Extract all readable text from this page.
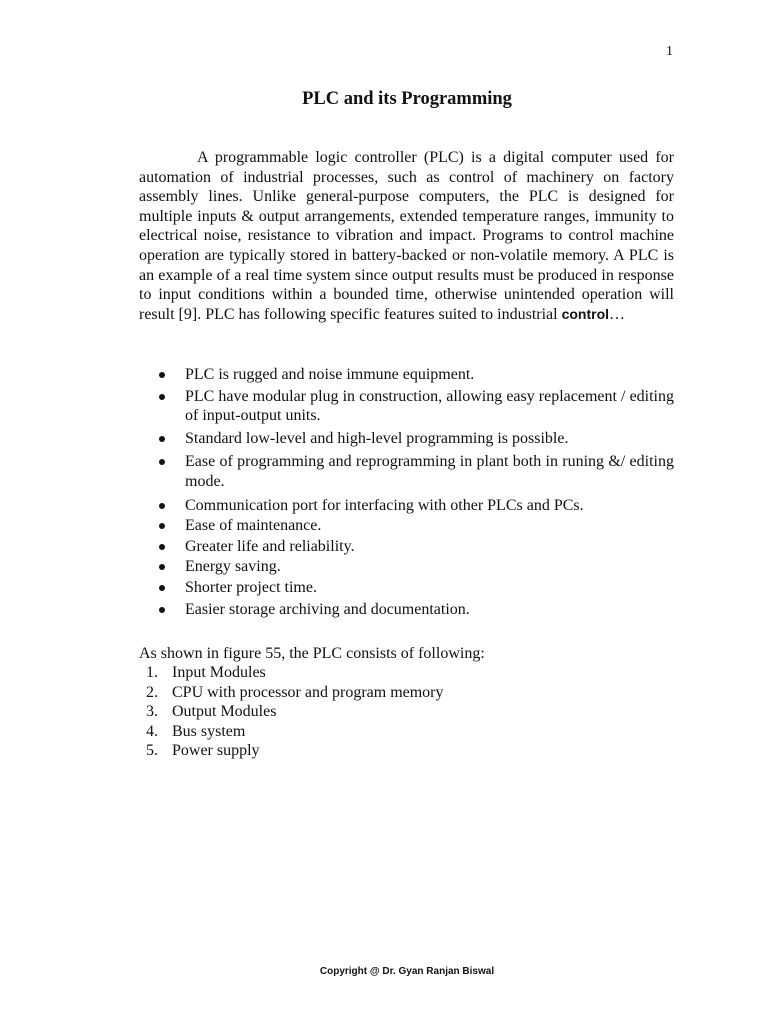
1
PLC and its Programming
A programmable logic controller (PLC) is a digital computer used for automation of industrial processes, such as control of machinery on factory assembly lines. Unlike general-purpose computers, the PLC is designed for multiple inputs & output arrangements, extended temperature ranges, immunity to electrical noise, resistance to vibration and impact. Programs to control machine operation are typically stored in battery-backed or non-volatile memory. A PLC is an example of a real time system since output results must be produced in response to input conditions within a bounded time, otherwise unintended operation will result [9]. PLC has following specific features suited to industrial control…
PLC is rugged and noise immune equipment.
PLC have modular plug in construction, allowing easy replacement / editing of input-output units.
Standard low-level and high-level programming is possible.
Ease of programming and reprogramming in plant both in runing &/ editing mode.
Communication port for interfacing with other PLCs and PCs.
Ease of maintenance.
Greater life and reliability.
Energy saving.
Shorter project time.
Easier storage archiving and documentation.
As shown in figure 55, the PLC consists of following:
1. Input Modules
2. CPU with processor and program memory
3. Output Modules
4. Bus system
5. Power supply
Copyright @ Dr. Gyan Ranjan Biswal
